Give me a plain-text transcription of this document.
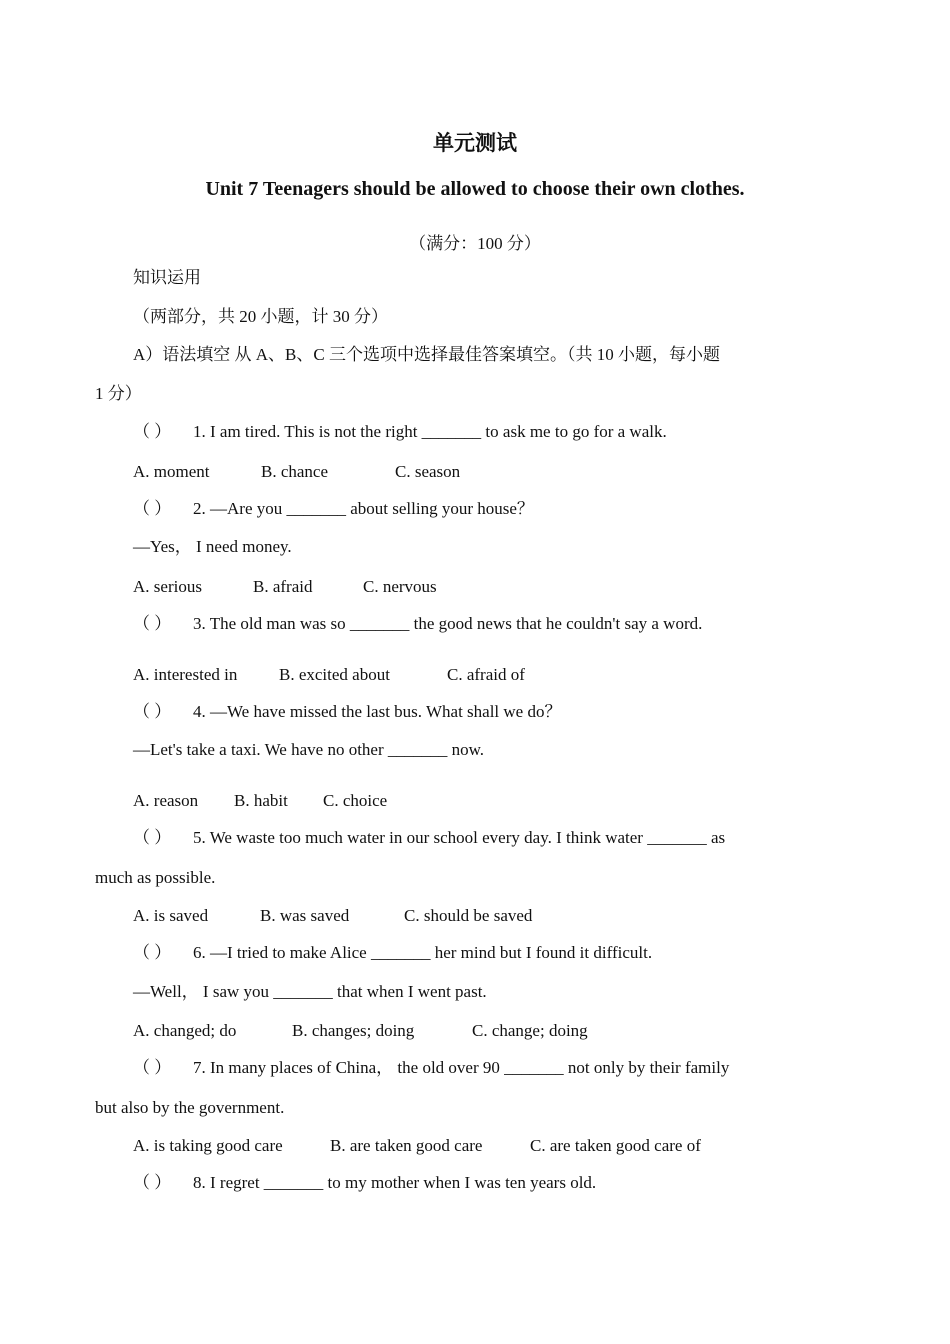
单元测试
Unit 7 Teenagers should be allowed to choose their own clothes.
（满分：100 分）
知识运用
（两部分，共 20 小题，计 30 分）
A）语法填空 从 A、B、C 三个选项中选择最佳答案填空。（共 10 小题，每小题
1 分）
（ ） 1. I am tired. This is not the right _______ to ask me to go for a walk.
A. moment	B. chance	C. season
（ ） 2. —Are you _______ about selling your house？
—Yes， I need money.
A. serious	B. afraid	C. nervous
（ ） 3. The old man was so _______ the good news that he couldn't say a word.
A. interested in B. excited about	C. afraid of
（ ） 4. —We have missed the last bus. What shall we do？
—Let's take a taxi. We have no other _______ now.
A. reason B. habit C. choice
（ ） 5. We waste too much water in our school every day. I think water _______ as
much as possible.
A. is saved	B. was saved	C. should be saved
（ ） 6. —I tried to make Alice _______ her mind but I found it difficult.
—Well， I saw you _______ that when I went past.
A. changed; do	B. changes; doing	C. change; doing
（ ） 7. In many places of China， the old over 90 _______ not only by their family
but also by the government.
A. is taking good care	B. are taken good care	C. are taken good care of
（ ） 8. I regret _______ to my mother when I was ten years old.
